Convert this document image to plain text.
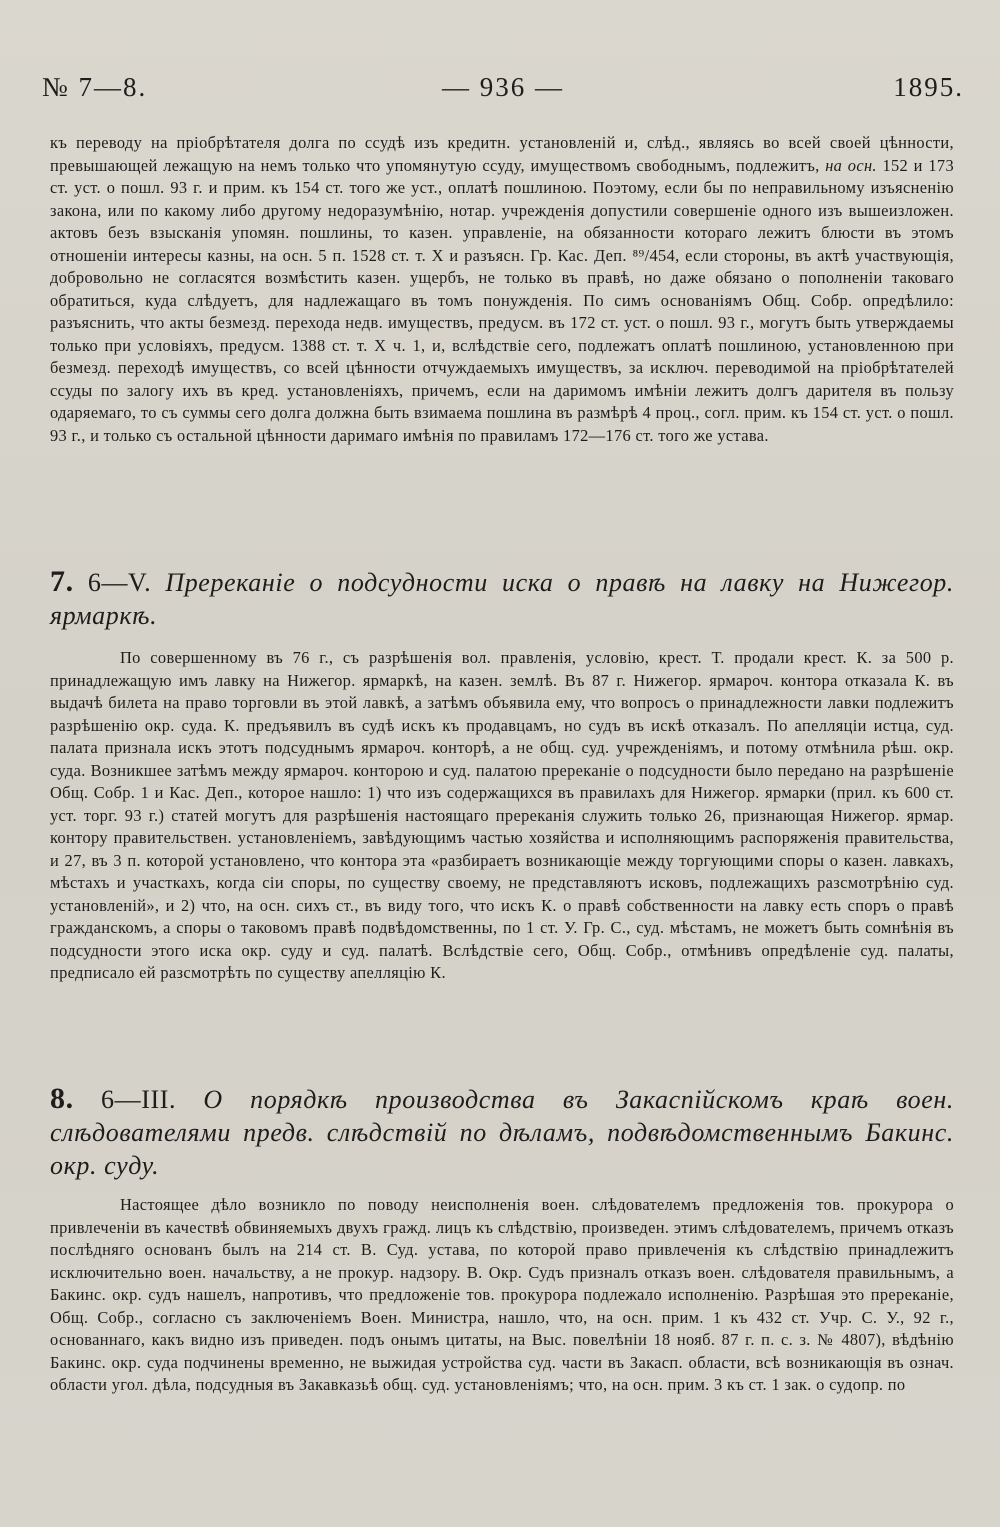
№ 7—8.	— 936 —	1895.

къ переводу на пріобрѣтателя долга по ссудѣ изъ кредитн. установленій и, слѣд., являясь во всей своей цѣнности, превышающей лежащую на немъ только что упомянутую ссуду, имуществомъ свободнымъ, подлежитъ, на осн. 152 и 173 ст. уст. о пошл. 93 г. и прим. къ 154 ст. того же уст., оплатѣ пошлиною. Поэтому, если бы по неправильному изъясненію закона, или по какому либо другому недоразумѣнію, нотар. учрежденія допустили совершеніе одного изъ вышеизложен. актовъ безъ взысканія упомян. пошлины, то казен. управленіе, на обязанности котораго лежитъ блюсти въ этомъ отношеніи интересы казны, на осн. 5 п. 1528 ст. т. X и разъясн. Гр. Кас. Деп. ⁸⁹/454, если стороны, въ актѣ участвующія, добровольно не согласятся возмѣстить казен. ущербъ, не только въ правѣ, но даже обязано о пополненіи таковаго обратиться, куда слѣдуетъ, для надлежащаго въ томъ понужденія. По симъ основаніямъ Общ. Собр. опредѣлило: разъяснить, что акты безмезд. перехода недв. имуществъ, предусм. въ 172 ст. уст. о пошл. 93 г., могутъ быть утверждаемы только при условіяхъ, предусм. 1388 ст. т. X ч. 1, и, вслѣдствіе сего, подлежатъ оплатѣ пошлиною, установленною при безмезд. переходѣ имуществъ, со всей цѣнности отчуждаемыхъ имуществъ, за исключ. переводимой на пріобрѣтателей ссуды по залогу ихъ въ кред. установленіяхъ, причемъ, если на даримомъ имѣніи лежитъ долгъ дарителя въ пользу одаряемаго, то съ суммы сего долга должна быть взимаема пошлина въ размѣрѣ 4 проц., согл. прим. къ 154 ст. уст. о пошл. 93 г., и только съ остальной цѣнности даримаго имѣнія по правиламъ 172—176 ст. того же устава.

7. 6—V. Пререканіе о подсудности иска о правѣ на лавку на Нижегор. ярмаркѣ.

По совершенному въ 76 г., съ разрѣшенія вол. правленія, условію, крест. Т. продали крест. К. за 500 р. принадлежащую имъ лавку на Нижегор. ярмаркѣ, на казен. землѣ. Въ 87 г. Нижегор. ярмароч. контора отказала К. въ выдачѣ билета на право торговли въ этой лавкѣ, а затѣмъ объявила ему, что вопросъ о принадлежности лавки подлежитъ разрѣшенію окр. суда. К. предъявилъ въ судѣ искъ къ продавцамъ, но судъ въ искѣ отказалъ. По апелляціи истца, суд. палата признала искъ этотъ подсуднымъ ярмароч. конторѣ, а не общ. суд. учрежденіямъ, и потому отмѣнила рѣш. окр. суда. Возникшее затѣмъ между ярмароч. конторою и суд. палатою пререканіе о подсудности было передано на разрѣшеніе Общ. Собр. 1 и Кас. Деп., которое нашло: 1) что изъ содержащихся въ правилахъ для Нижегор. ярмарки (прил. къ 600 ст. уст. торг. 93 г.) статей могутъ для разрѣшенія настоящаго пререканія служить только 26, признающая Нижегор. ярмар. контору правительствен. установленіемъ, завѣдующимъ частью хозяйства и исполняющимъ распоряженія правительства, и 27, въ 3 п. которой установлено, что контора эта «разбираетъ возникающіе между торгующими споры о казен. лавкахъ, мѣстахъ и участкахъ, когда сіи споры, по существу своему, не представляютъ исковъ, подлежащихъ разсмотрѣнію суд. установленій», и 2) что, на осн. сихъ ст., въ виду того, что искъ К. о правѣ собственности на лавку есть споръ о правѣ гражданскомъ, а споры о таковомъ правѣ подвѣдомственны, по 1 ст. У. Гр. С., суд. мѣстамъ, не можетъ быть сомнѣнія въ подсудности этого иска окр. суду и суд. палатѣ. Вслѣдствіе сего, Общ. Собр., отмѣнивъ опредѣленіе суд. палаты, предписало ей разсмотрѣть по существу апелляцію К.

8. 6—III. О порядкѣ производства въ Закаспійскомъ краѣ воен. слѣдователями предв. слѣдствій по дѣламъ, подвѣдомственнымъ Бакинс. окр. суду.

Настоящее дѣло возникло по поводу неисполненія воен. слѣдователемъ предложенія тов. прокурора о привлеченіи въ качествѣ обвиняемыхъ двухъ гражд. лицъ къ слѣдствію, произведен. этимъ слѣдователемъ, причемъ отказъ послѣдняго основанъ былъ на 214 ст. В. Суд. устава, по которой право привлеченія къ слѣдствію принадлежитъ исключительно воен. начальству, а не прокур. надзору. В. Окр. Судъ призналъ отказъ воен. слѣдователя правильнымъ, а Бакинс. окр. судъ нашелъ, напротивъ, что предложеніе тов. прокурора подлежало исполненію. Разрѣшая это пререканіе, Общ. Собр., согласно съ заключеніемъ Воен. Министра, нашло, что, на осн. прим. 1 къ 432 ст. Учр. С. У., 92 г., основаннаго, какъ видно изъ приведен. подъ онымъ цитаты, на Выс. повелѣніи 18 нояб. 87 г. п. с. з. № 4807), вѣдѣнію Бакинс. окр. суда подчинены временно, не выжидая устройства суд. части въ Закасп. области, всѣ возникающія въ означ. области угол. дѣла, подсудныя въ Закавказьѣ общ. суд. установленіямъ; что, на осн. прим. 3 къ ст. 1 зак. о судопр. по
